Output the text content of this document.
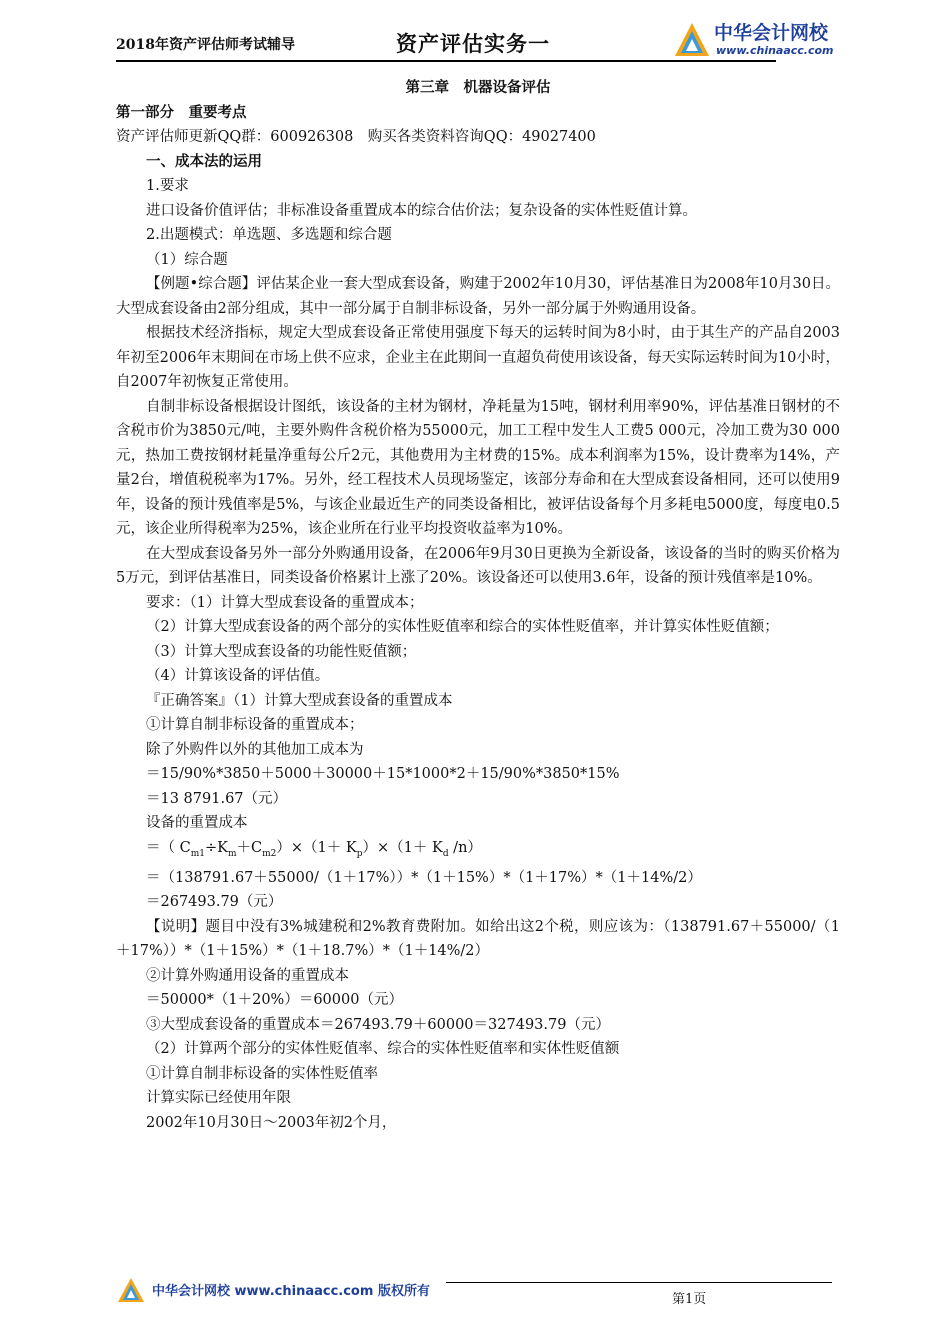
2018年资产评估师考试辅导	资产评估实务一	中华会计网校
www.chinaacc.com

第三章　机器设备评估

第一部分　重要考点

资产评估师更新QQ群：600926308　购买各类资料咨询QQ：49027400

一、成本法的运用

1.要求

进口设备价值评估；非标准设备重置成本的综合估价法；复杂设备的实体性贬值计算。

2.出题模式：单选题、多选题和综合题

（1）综合题

【例题•综合题】评估某企业一套大型成套设备，购建于2002年10月30，评估基准日为2008年10月30日。大型成套设备由2部分组成，其中一部分属于自制非标设备，另外一部分属于外购通用设备。

根据技术经济指标，规定大型成套设备正常使用强度下每天的运转时间为8小时，由于其生产的产品自2003年初至2006年末期间在市场上供不应求，企业主在此期间一直超负荷使用该设备，每天实际运转时间为10小时，自2007年初恢复正常使用。

自制非标设备根据设计图纸，该设备的主材为钢材，净耗量为15吨，钢材利用率90%，评估基准日钢材的不含税市价为3850元/吨，主要外购件含税价格为55000元，加工工程中发生人工费5 000元，冷加工费为30 000元，热加工费按钢材耗量净重每公斤2元，其他费用为主材费的15%。成本利润率为15%，设计费率为14%，产量2台，增值税税率为17%。另外，经工程技术人员现场鉴定，该部分寿命和在大型成套设备相同，还可以使用9年，设备的预计残值率是5%，与该企业最近生产的同类设备相比，被评估设备每个月多耗电5000度，每度电0.5元，该企业所得税率为25%，该企业所在行业平均投资收益率为10%。

在大型成套设备另外一部分外购通用设备，在2006年9月30日更换为全新设备，该设备的当时的购买价格为5万元，到评估基准日，同类设备价格累计上涨了20%。该设备还可以使用3.6年，设备的预计残值率是10%。

要求：（1）计算大型成套设备的重置成本；

（2）计算大型成套设备的两个部分的实体性贬值率和综合的实体性贬值率，并计算实体性贬值额；

（3）计算大型成套设备的功能性贬值额；

（4）计算该设备的评估值。

『正确答案』（1）计算大型成套设备的重置成本

①计算自制非标设备的重置成本；

除了外购件以外的其他加工成本为

＝15/90%*3850＋5000＋30000＋15*1000*2＋15/90%*3850*15%

＝13 8791.67（元）

设备的重置成本

＝（ $C_{m1}\div K_m+C_{m2})\times(1+ K_p)\times(1+ K_d$ /n）

＝（138791.67＋55000/（1＋17%））*（1＋15%）*（1＋17%）*（1＋14%/2）

＝267493.79（元）

【说明】题目中没有3%城建税和2%教育费附加。如给出这2个税，则应该为：（138791.67＋55000/（1＋17%））*（1＋15%）*（1＋18.7%）*（1＋14%/2）

②计算外购通用设备的重置成本

＝50000*（1＋20%）＝60000（元）

③大型成套设备的重置成本＝267493.79＋60000＝327493.79（元）

（2）计算两个部分的实体性贬值率、综合的实体性贬值率和实体性贬值额

①计算自制非标设备的实体性贬值率

计算实际已经使用年限

2002年10月30日～2003年初2个月，

中华会计网校 www.chinaacc.com 版权所有
第1页
